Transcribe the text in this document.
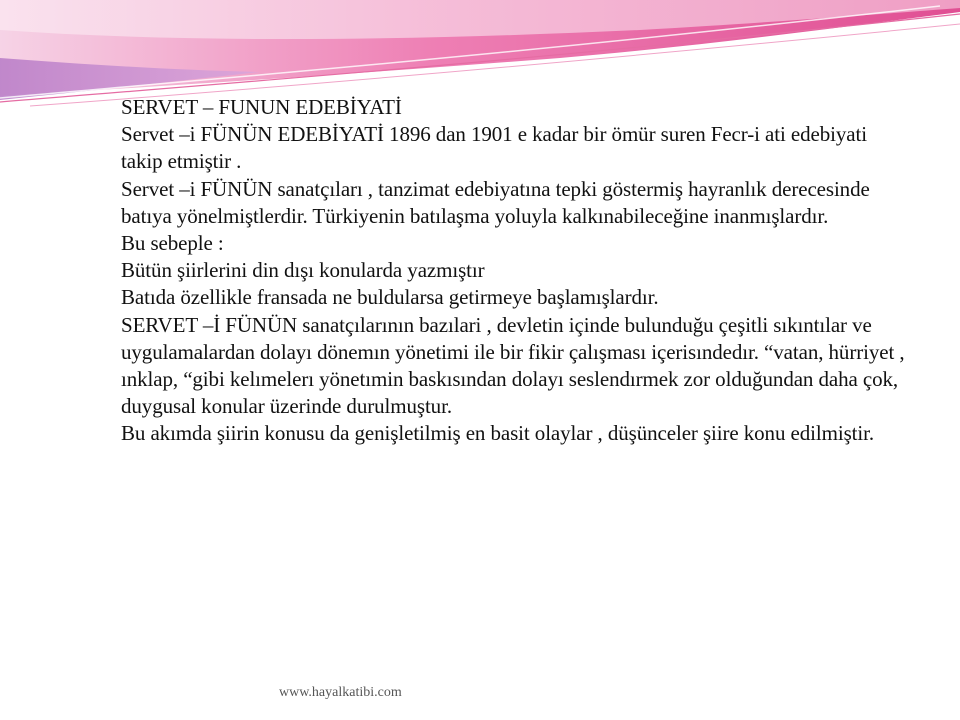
SERVET – FUNUN EDEBİYATİ

Servet –i FÜNÜN EDEBİYATİ 1896 dan 1901 e kadar bir ömür suren Fecr-i ati edebiyati takip etmiştir .

Servet –i FÜNÜN sanatçıları , tanzimat edebiyatına tepki göstermiş hayranlık derecesinde batıya yönelmiştlerdir. Türkiyenin batılaşma yoluyla kalkınabileceğine inanmışlardır.

Bu sebeple :

Bütün şiirlerini din dışı konularda yazmıştır

Batıda özellikle fransada ne buldularsa getirmeye başlamışlardır.

SERVET –İ FÜNÜN sanatçılarının bazılari , devletin içinde bulunduğu çeşitli sıkıntılar ve uygulamalardan dolayı dönemın yönetimi ile bir fikir çalışması içerisındedır. “vatan, hürriyet , ınklap, “gibi kelımelerı yönetımin baskısından dolayı seslendırmek zor olduğundan daha çok, duygusal konular üzerinde durulmuştur.

Bu akımda şiirin konusu da genişletilmiş en basit olaylar , düşünceler şiire konu edilmiştir.

www.hayalkatibi.com
